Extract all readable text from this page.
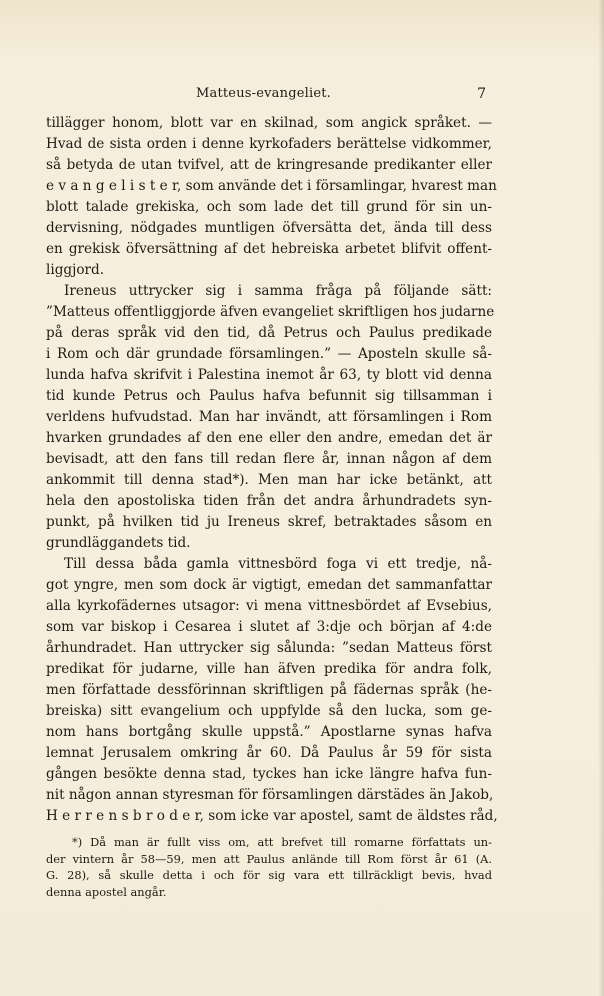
Matteus-evangeliet.	7
tillägger honom, blott var en skilnad, som angick språket. —
Hvad de sista orden i denne kyrkofaders berättelse vidkommer,
så betyda de utan tvifvel, att de kringresande predikanter eller
e v a n g e l i s t e r, som använde det i församlingar, hvarest man
blott talade grekiska, och som lade det till grund för sin un-
dervisning, nödgades muntligen öfversätta det, ända till dess
en grekisk öfversättning af det hebreiska arbetet blifvit offent-
liggjord.
Ireneus uttrycker sig i samma fråga på följande sätt:
”Matteus offentliggjorde äfven evangeliet skriftligen hos judarne
på deras språk vid den tid, då Petrus och Paulus predikade
i Rom och där grundade församlingen.” — Aposteln skulle så-
lunda hafva skrifvit i Palestina inemot år 63, ty blott vid denna
tid kunde Petrus och Paulus hafva befunnit sig tillsamman i
verldens hufvudstad. Man har invändt, att församlingen i Rom
hvarken grundades af den ene eller den andre, emedan det är
bevisadt, att den fans till redan flere år, innan någon af dem
ankommit till denna stad*). Men man har icke betänkt, att
hela den apostoliska tiden från det andra århundradets syn-
punkt, på hvilken tid ju Ireneus skref, betraktades såsom en
grundläggandets tid.
Till dessa båda gamla vittnesbörd foga vi ett tredje, nå-
got yngre, men som dock är vigtigt, emedan det sammanfattar
alla kyrkofädernes utsagor: vi mena vittnesbördet af Evsebius,
som var biskop i Cesarea i slutet af 3:dje och början af 4:de
århundradet. Han uttrycker sig sålunda: ”sedan Matteus först
predikat för judarne, ville han äfven predika för andra folk,
men författade dessförinnan skriftligen på fädernas språk (he-
breiska) sitt evangelium och uppfylde så den lucka, som ge-
nom hans bortgång skulle uppstå.” Apostlarne synas hafva
lemnat Jerusalem omkring år 60. Då Paulus år 59 för sista
gången besökte denna stad, tyckes han icke längre hafva fun-
nit någon annan styresman för församlingen därstädes än Jakob,
H e r r e n s b r o d e r, som icke var apostel, samt de äldstes råd,
*) Då man är fullt viss om, att brefvet till romarne författats un-
der vintern år 58—59, men att Paulus anlände till Rom först år 61 (A.
G. 28), så skulle detta i och för sig vara ett tillräckligt bevis, hvad
denna apostel angår.
